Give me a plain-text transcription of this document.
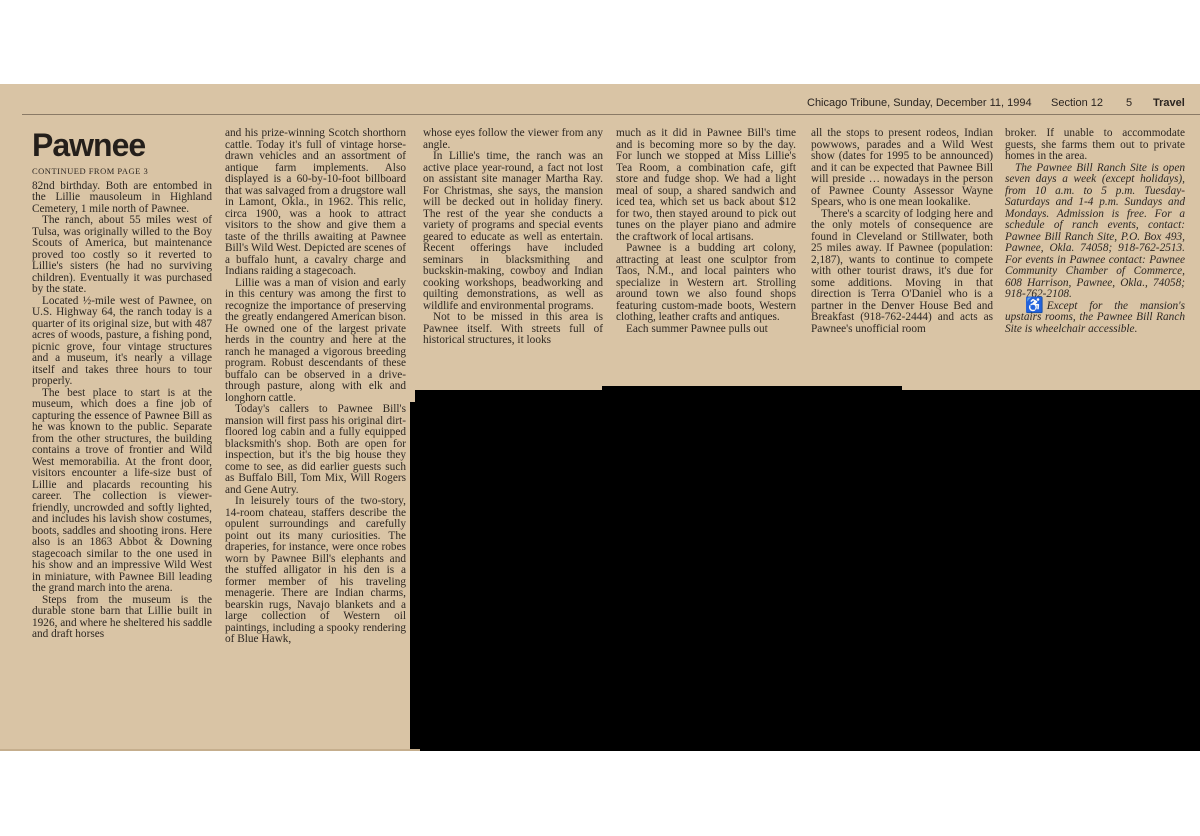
Chicago Tribune, Sunday, December 11, 1994 Section 12 5 Travel
Pawnee
CONTINUED FROM PAGE 3

82nd birthday. Both are entombed in the Lillie mausoleum in Highland Cemetery, 1 mile north of Pawnee.

The ranch, about 55 miles west of Tulsa, was originally willed to the Boy Scouts of America, but maintenance proved too costly so it reverted to Lillie's sisters (he had no surviving children). Eventually it was purchased by the state.

Located ½-mile west of Pawnee, on U.S. Highway 64, the ranch today is a quarter of its original size, but with 487 acres of woods, pasture, a fishing pond, picnic grove, four vintage structures and a museum, it's nearly a village itself and takes three hours to tour properly.

The best place to start is at the museum, which does a fine job of capturing the essence of Pawnee Bill as he was known to the public. Separate from the other structures, the building contains a trove of frontier and Wild West memorabilia. At the front door, visitors encounter a life-size bust of Lillie and placards recounting his career. The collection is viewer-friendly, uncrowded and softly lighted, and includes his lavish show costumes, boots, saddles and shooting irons. Here also is an 1863 Abbot & Downing stagecoach similar to the one used in his show and an impressive Wild West in miniature, with Pawnee Bill leading the grand march into the arena.

Steps from the museum is the durable stone barn that Lillie built in 1926, and where he sheltered his saddle and draft horses

and his prize-winning Scotch shorthorn cattle. Today it's full of vintage horse-drawn vehicles and an assortment of antique farm implements. Also displayed is a 60-by-10-foot billboard that was salvaged from a drugstore wall in Lamont, Okla., in 1962. This relic, circa 1900, was a hook to attract visitors to the show and give them a taste of the thrills awaiting at Pawnee Bill's Wild West. Depicted are scenes of a buffalo hunt, a cavalry charge and Indians raiding a stagecoach.

Lillie was a man of vision and early in this century was among the first to recognize the importance of preserving the greatly endangered American bison. He owned one of the largest private herds in the country and here at the ranch he managed a vigorous breeding program. Robust descendants of these buffalo can be observed in a drive-through pasture, along with elk and longhorn cattle.

Today's callers to Pawnee Bill's mansion will first pass his original dirt-floored log cabin and a fully equipped blacksmith's shop. Both are open for inspection, but it's the big house they come to see, as did earlier guests such as Buffalo Bill, Tom Mix, Will Rogers and Gene Autry.

In leisurely tours of the two-story, 14-room chateau, staffers describe the opulent surroundings and carefully point out its many curiosities. The draperies, for instance, were once robes worn by Pawnee Bill's elephants and the stuffed alligator in his den is a former member of his traveling menagerie. There are Indian charms, bearskin rugs, Navajo blankets and a large collection of Western oil paintings, including a spooky rendering of Blue Hawk,

whose eyes follow the viewer from any angle.

In Lillie's time, the ranch was an active place year-round, a fact not lost on assistant site manager Martha Ray. For Christmas, she says, the mansion will be decked out in holiday finery. The rest of the year she conducts a variety of programs and special events geared to educate as well as entertain. Recent offerings have included seminars in blacksmithing and buckskin-making, cowboy and Indian cooking workshops, beadworking and quilting demonstrations, as well as wildlife and environmental programs.

Not to be missed in this area is Pawnee itself. With streets full of historical structures, it looks

much as it did in Pawnee Bill's time and is becoming more so by the day. For lunch we stopped at Miss Lillie's Tea Room, a combination cafe, gift store and fudge shop. We had a light meal of soup, a shared sandwich and iced tea, which set us back about $12 for two, then stayed around to pick out tunes on the player piano and admire the craftwork of local artisans.

Pawnee is a budding art colony, attracting at least one sculptor from Taos, N.M., and local painters who specialize in Western art. Strolling around town we also found shops featuring custom-made boots, Western clothing, leather crafts and antiques.

Each summer Pawnee pulls out

all the stops to present rodeos, Indian powwows, parades and a Wild West show (dates for 1995 to be announced) and it can be expected that Pawnee Bill will preside … nowadays in the person of Pawnee County Assessor Wayne Spears, who is one mean lookalike.

There's a scarcity of lodging here and the only motels of consequence are found in Cleveland or Stillwater, both 25 miles away. If Pawnee (population: 2,187), wants to continue to compete with other tourist draws, it's due for some additions. Moving in that direction is Terra O'Daniel who is a partner in the Denver House Bed and Breakfast (918-762-2444) and acts as Pawnee's unofficial room

broker. If unable to accommodate guests, she farms them out to private homes in the area.

The Pawnee Bill Ranch Site is open seven days a week (except holidays), from 10 a.m. to 5 p.m. Tuesday-Saturdays and 1-4 p.m. Sundays and Mondays. Admission is free. For a schedule of ranch events, contact: Pawnee Bill Ranch Site, P.O. Box 493, Pawnee, Okla. 74058; 918-762-2513. For events in Pawnee contact: Pawnee Community Chamber of Commerce, 608 Harrison, Pawnee, Okla., 74058; 918-762-2108.

♿ Except for the mansion's upstairs rooms, the Pawnee Bill Ranch Site is wheelchair accessible.
